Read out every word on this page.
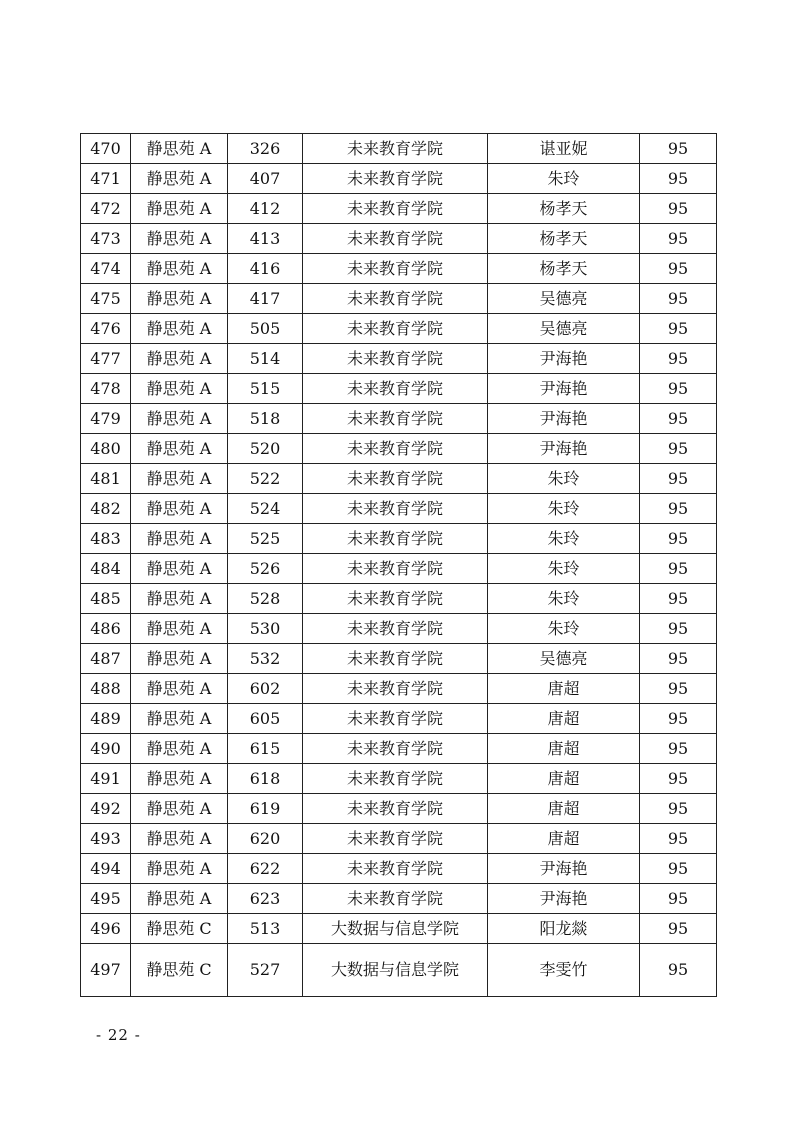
470	静思苑 A	326	未来教育学院	谌亚妮	95
471	静思苑 A	407	未来教育学院	朱玲	95
472	静思苑 A	412	未来教育学院	杨孝天	95
473	静思苑 A	413	未来教育学院	杨孝天	95
474	静思苑 A	416	未来教育学院	杨孝天	95
475	静思苑 A	417	未来教育学院	吴德亮	95
476	静思苑 A	505	未来教育学院	吴德亮	95
477	静思苑 A	514	未来教育学院	尹海艳	95
478	静思苑 A	515	未来教育学院	尹海艳	95
479	静思苑 A	518	未来教育学院	尹海艳	95
480	静思苑 A	520	未来教育学院	尹海艳	95
481	静思苑 A	522	未来教育学院	朱玲	95
482	静思苑 A	524	未来教育学院	朱玲	95
483	静思苑 A	525	未来教育学院	朱玲	95
484	静思苑 A	526	未来教育学院	朱玲	95
485	静思苑 A	528	未来教育学院	朱玲	95
486	静思苑 A	530	未来教育学院	朱玲	95
487	静思苑 A	532	未来教育学院	吴德亮	95
488	静思苑 A	602	未来教育学院	唐超	95
489	静思苑 A	605	未来教育学院	唐超	95
490	静思苑 A	615	未来教育学院	唐超	95
491	静思苑 A	618	未来教育学院	唐超	95
492	静思苑 A	619	未来教育学院	唐超	95
493	静思苑 A	620	未来教育学院	唐超	95
494	静思苑 A	622	未来教育学院	尹海艳	95
495	静思苑 A	623	未来教育学院	尹海艳	95
496	静思苑 C	513	大数据与信息学院	阳龙燚	95
497	静思苑 C	527	大数据与信息学院	李雯竹	95
- 22 -
